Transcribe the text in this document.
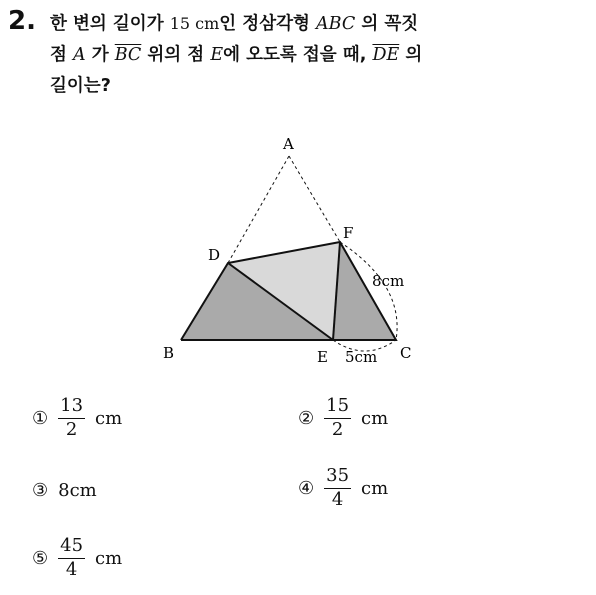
2. 한 변의 길이가 15 cm인 정삼각형 ABC 의 꼭짓
점 A 가 $\overline{BC}$ 위의 점 E에 오도록 접을 때, $\overline{DE}$ 의
길이는?
A
B	C
D
E
F
8cm
5cm
① $\frac{13}{2}$ cm	② $\frac{15}{2}$ cm
③ 8cm	④ $\frac{35}{4}$ cm
⑤ $\frac{45}{4}$ cm
